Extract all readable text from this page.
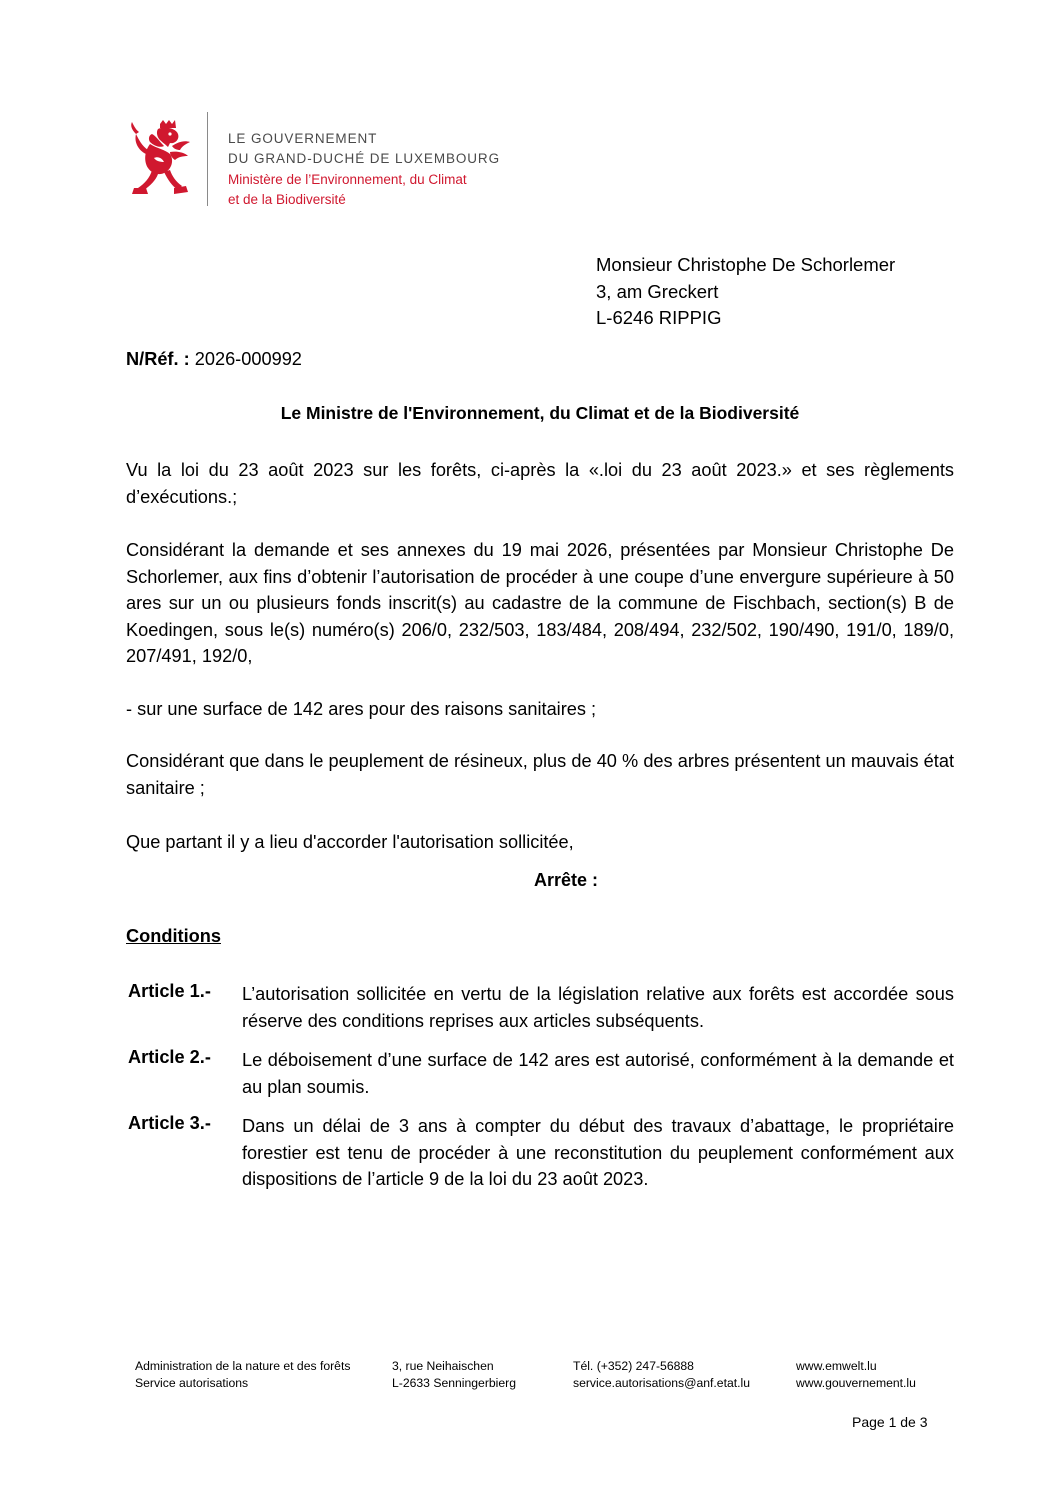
LE GOUVERNEMENT
DU GRAND-DUCHÉ DE LUXEMBOURG
Ministère de l’Environnement, du Climat
et de la Biodiversité
Monsieur Christophe De Schorlemer
3, am Greckert
L-6246 RIPPIG
N/Réf. : 2026-000992
Le Ministre de l'Environnement, du Climat et de la Biodiversité
Vu la loi du 23 août 2023 sur les forêts, ci-après la «.loi du 23 août 2023.» et ses règlements d’exécutions.;
Considérant la demande et ses annexes du 19 mai 2026, présentées par Monsieur Christophe De Schorlemer, aux fins d’obtenir l’autorisation de procéder à une coupe d’une envergure supérieure à 50 ares sur un ou plusieurs fonds inscrit(s) au cadastre de la commune de Fischbach, section(s) B de Koedingen, sous le(s) numéro(s) 206/0, 232/503, 183/484, 208/494, 232/502, 190/490, 191/0, 189/0, 207/491, 192/0,
- sur une surface de 142 ares pour des raisons sanitaires ;
Considérant que dans le peuplement de résineux, plus de 40 % des arbres présentent un mauvais état sanitaire ;
Que partant il y a lieu d'accorder l'autorisation sollicitée,
Arrête :
Conditions
Article 1.- L’autorisation sollicitée en vertu de la législation relative aux forêts est accordée sous réserve des conditions reprises aux articles subséquents.
Article 2.- Le déboisement d’une surface de 142 ares est autorisé, conformément à la demande et au plan soumis.
Article 3.- Dans un délai de 3 ans à compter du début des travaux d’abattage, le propriétaire forestier est tenu de procéder à une reconstitution du peuplement conformément aux dispositions de l’article 9 de la loi du 23 août 2023.
Administration de la nature et des forêts
Service autorisations
3, rue Neihaischen
L-2633 Senningerbierg
Tél. (+352) 247-56888
service.autorisations@anf.etat.lu
www.emwelt.lu
www.gouvernement.lu
Page 1 de 3
